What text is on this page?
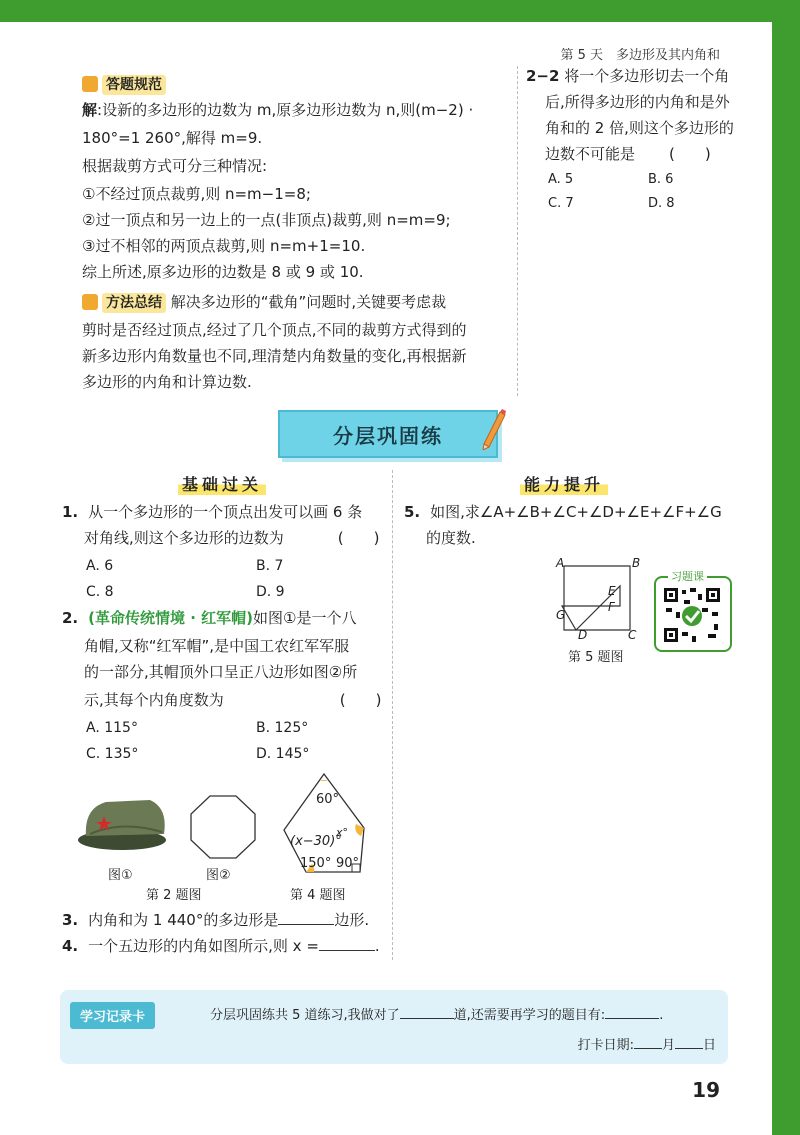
第 5 天　多边形及其内角和
答题规范
解:设新的多边形的边数为 m,原多边形边数为 n,则(m−2) ·
180°=1 260°,解得 m=9.
根据裁剪方式可分三种情况:
①不经过顶点裁剪,则 n=m−1=8;
②过一顶点和另一边上的一点(非顶点)裁剪,则 n=m=9;
③过不相邻的两顶点裁剪,则 n=m+1=10.
综上所述,原多边形的边数是 8 或 9 或 10.
方法总结 解决多边形的“截角”问题时,关键要考虑裁
剪时是否经过顶点,经过了几个顶点,不同的裁剪方式得到的
新多边形内角数量也不同,理清楚内角数量的变化,再根据新
多边形的内角和计算边数.
2−2 将一个多边形切去一个角
后,所得多边形的内角和是外
角和的 2 倍,则这个多边形的
边数不可能是 (　　)
A. 5	B. 6
C. 7	D. 8
分层巩固练
基础过关	能力提升
1. 从一个多边形的一个顶点出发可以画 6 条
对角线,则这个多边形的边数为	(　　)
A. 6	B. 7
C. 8	D. 9
2. (革命传统情境 · 红军帽)如图①是一个八
角帽,又称“红军帽”,是中国工农红军军服
的一部分,其帽顶外口呈正八边形如图②所
示,其每个内角度数为	(　　)
A. 115°	B. 125°
C. 135°	D. 145°
60°
(x−30)°
x°
150° 90°
图①	图②
第 2 题图	第 4 题图
3. 内角和为 1 440°的多边形是	边形.
4. 一个五边形的内角如图所示,则 x =	.
5. 如图,求∠A+∠B+∠C+∠D+∠E+∠F+∠G
的度数.
A	B
C
D
E
F
G
第 5 题图
习题课
学习记录卡	分层巩固练共 5 道练习,我做对了	道,还需要再学习的题目有:	.
打卡日期: 月 日
19
